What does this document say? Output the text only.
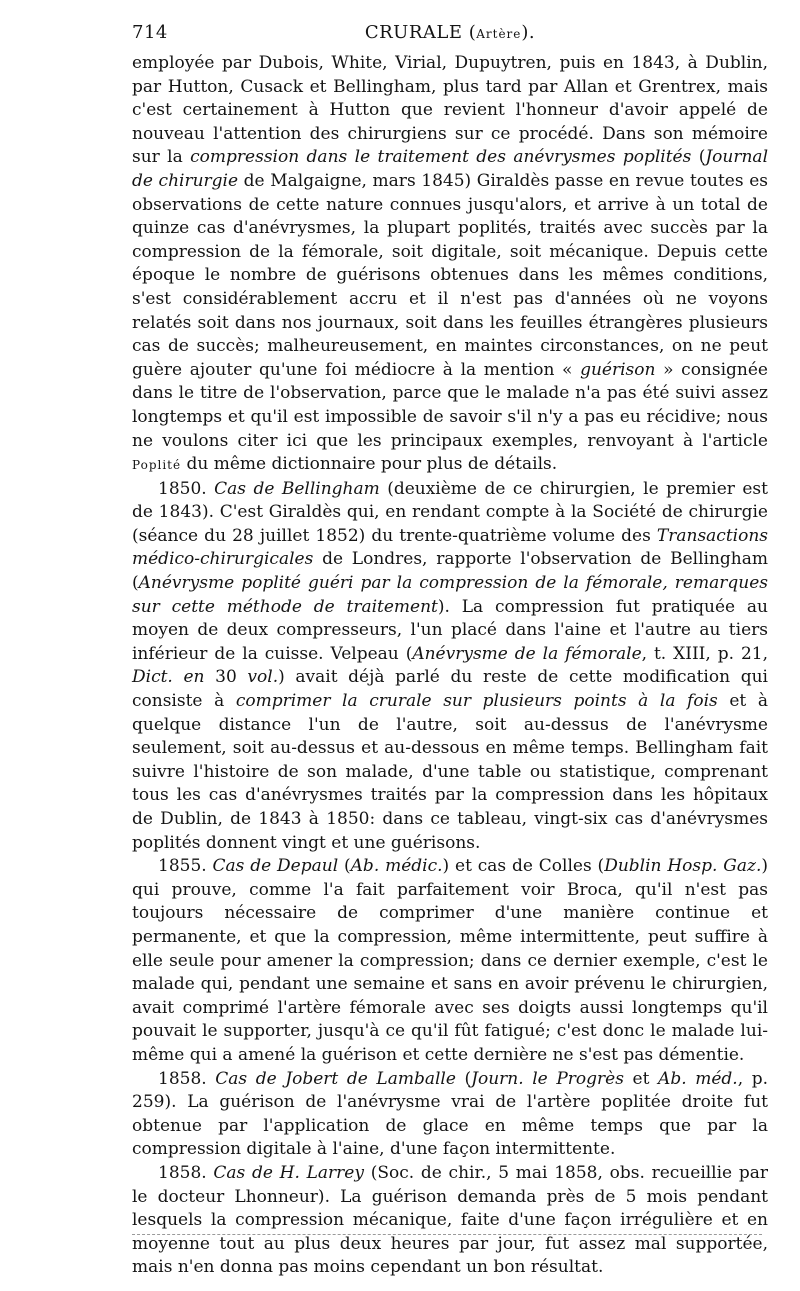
714	CRURALE (Artère).

employée par Dubois, White, Virial, Dupuytren, puis en 1843, à Dublin, par Hutton, Cusack et Bellingham, plus tard par Allan et Grentrex, mais c'est certainement à Hutton que revient l'honneur d'avoir appelé de nouveau l'attention des chirurgiens sur ce procédé. Dans son mémoire sur la compression dans le traitement des anévrysmes poplités (Journal de chirurgie de Malgaigne, mars 1845) Giraldès passe en revue toutes es observations de cette nature connues jusqu'alors, et arrive à un total de quinze cas d'anévrysmes, la plupart poplités, traités avec succès par la compression de la fémorale, soit digitale, soit mécanique. Depuis cette époque le nombre de guérisons obtenues dans les mêmes conditions, s'est considérablement accru et il n'est pas d'années où ne voyons relatés soit dans nos journaux, soit dans les feuilles étrangères plusieurs cas de succès; malheureusement, en maintes circonstances, on ne peut guère ajouter qu'une foi médiocre à la mention « guérison » consignée dans le titre de l'observation, parce que le malade n'a pas été suivi assez longtemps et qu'il est impossible de savoir s'il n'y a pas eu récidive; nous ne voulons citer ici que les principaux exemples, renvoyant à l'article Poplité du même dictionnaire pour plus de détails.

1850. Cas de Bellingham (deuxième de ce chirurgien, le premier est de 1843). C'est Giraldès qui, en rendant compte à la Société de chirurgie (séance du 28 juillet 1852) du trente-quatrième volume des Transactions médico-chirurgicales de Londres, rapporte l'observation de Bellingham (Anévrysme poplité guéri par la compression de la fémorale, remarques sur cette méthode de traitement). La compression fut pratiquée au moyen de deux compresseurs, l'un placé dans l'aine et l'autre au tiers inférieur de la cuisse. Velpeau (Anévrysme de la fémorale, t. XIII, p. 21, Dict. en 30 vol.) avait déjà parlé du reste de cette modification qui consiste à comprimer la crurale sur plusieurs points à la fois et à quelque distance l'un de l'autre, soit au-dessus de l'anévrysme seulement, soit au-dessus et au-dessous en même temps. Bellingham fait suivre l'histoire de son malade, d'une table ou statistique, comprenant tous les cas d'anévrysmes traités par la compression dans les hôpitaux de Dublin, de 1843 à 1850: dans ce tableau, vingt-six cas d'anévrysmes poplités donnent vingt et une guérisons.

1855. Cas de Depaul (Ab. médic.) et cas de Colles (Dublin Hosp. Gaz.) qui prouve, comme l'a fait parfaitement voir Broca, qu'il n'est pas toujours nécessaire de comprimer d'une manière continue et permanente, et que la compression, même intermittente, peut suffire à elle seule pour amener la compression; dans ce dernier exemple, c'est le malade qui, pendant une semaine et sans en avoir prévenu le chirurgien, avait comprimé l'artère fémorale avec ses doigts aussi longtemps qu'il pouvait le supporter, jusqu'à ce qu'il fût fatigué; c'est donc le malade lui-même qui a amené la guérison et cette dernière ne s'est pas démentie.

1858. Cas de Jobert de Lamballe (Journ. le Progrès et Ab. méd., p. 259). La guérison de l'anévrysme vrai de l'artère poplitée droite fut obtenue par l'application de glace en même temps que par la compression digitale à l'aine, d'une façon intermittente.

1858. Cas de H. Larrey (Soc. de chir., 5 mai 1858, obs. recueillie par le docteur Lhonneur). La guérison demanda près de 5 mois pendant lesquels la compression mécanique, faite d'une façon irrégulière et en moyenne tout au plus deux heures par jour, fut assez mal supportée, mais n'en donna pas moins cependant un bon résultat.
